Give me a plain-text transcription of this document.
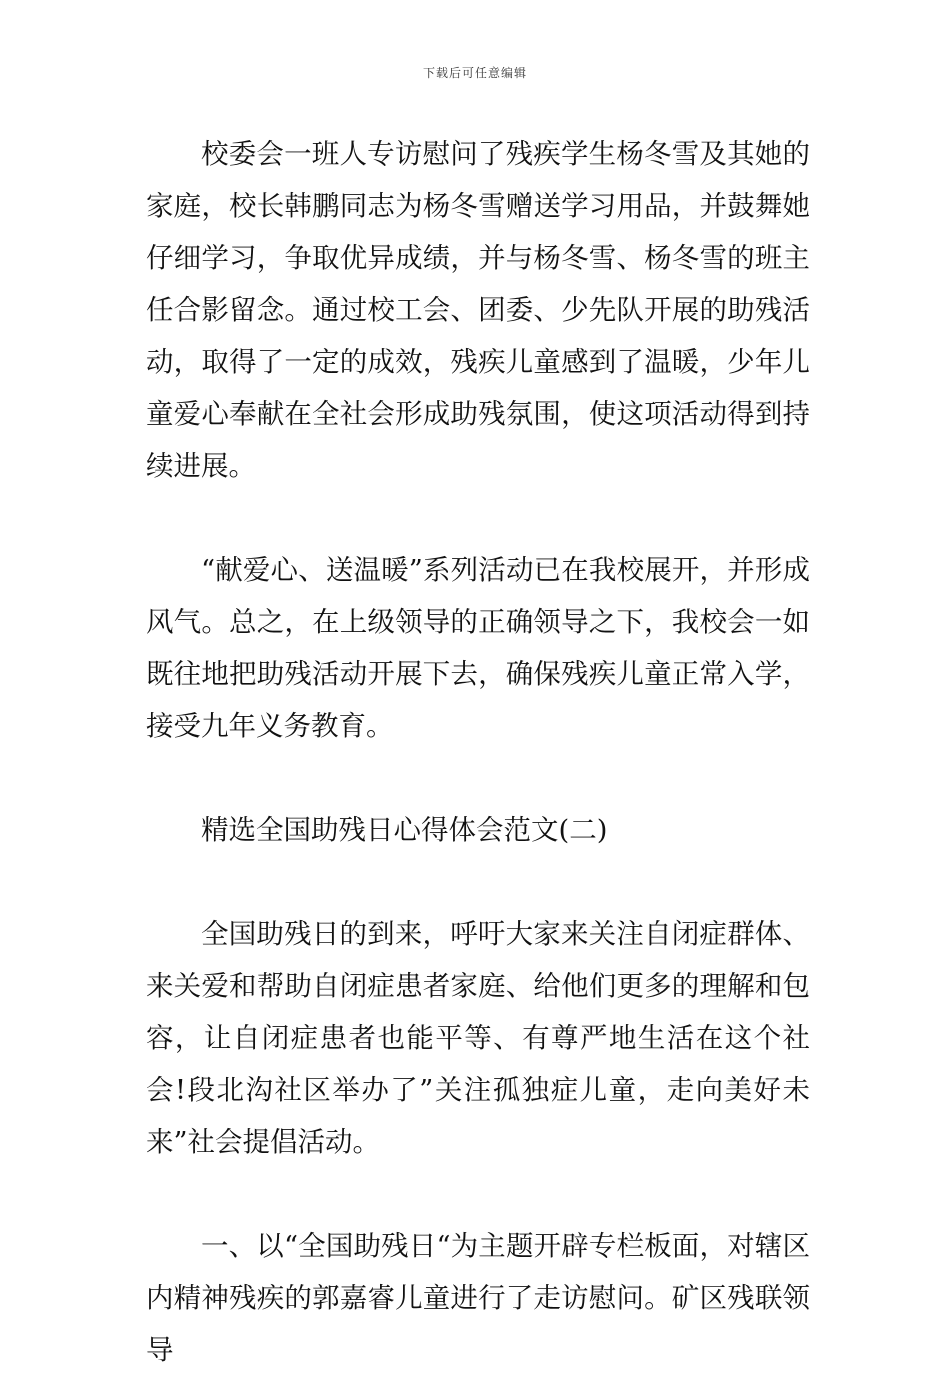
下载后可任意编辑

校委会一班人专访慰问了残疾学生杨冬雪及其她的家庭，校长韩鹏同志为杨冬雪赠送学习用品，并鼓舞她仔细学习，争取优异成绩，并与杨冬雪、杨冬雪的班主任合影留念。通过校工会、团委、少先队开展的助残活动，取得了一定的成效，残疾儿童感到了温暖，少年儿童爱心奉献在全社会形成助残氛围，使这项活动得到持续进展。

“献爱心、送温暖”系列活动已在我校展开，并形成风气。总之，在上级领导的正确领导之下，我校会一如既往地把助残活动开展下去，确保残疾儿童正常入学，接受九年义务教育。

精选全国助残日心得体会范文(二)

全国助残日的到来，呼吁大家来关注自闭症群体、来关爱和帮助自闭症患者家庭、给他们更多的理解和包容，让自闭症患者也能平等、有尊严地生活在这个社会!段北沟社区举办了”关注孤独症儿童，走向美好未来”社会提倡活动。

一、以“全国助残日“为主题开辟专栏板面，对辖区内精神残疾的郭嘉睿儿童进行了走访慰问。矿区残联领导
